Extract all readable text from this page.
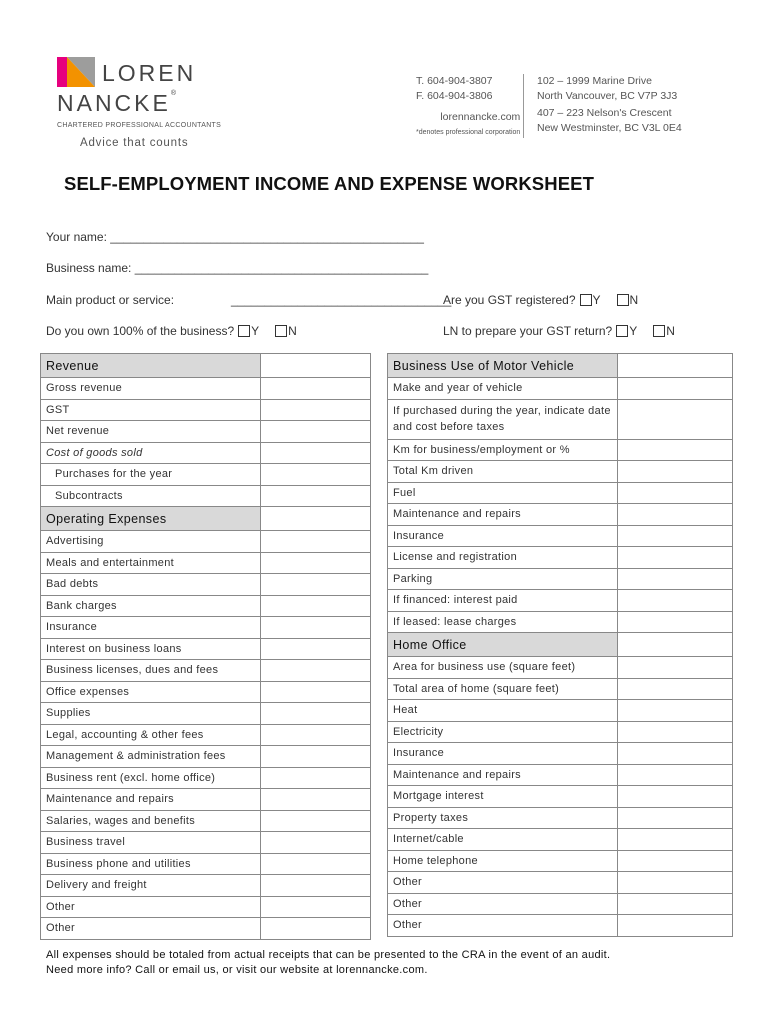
LOREN
NANCKE®
CHARTERED PROFESSIONAL ACCOUNTANTS
Advice that counts
T. 604-904-3807
F. 604-904-3806
lorennancke.com
*denotes professional corporation
102 – 1999 Marine Drive
North Vancouver, BC V7P 3J3
407 – 223 Nelson's Crescent
New Westminster, BC V3L 0E4
SELF-EMPLOYMENT INCOME AND EXPENSE WORKSHEET
Your name: _______________________________________________
Business name: ____________________________________________
Main product or service:	_________________________________
Are you GST registered? Y N
Do you own 100% of the business? Y N	LN to prepare your GST return? Y N
Revenue	
Gross revenue	
GST	
Net revenue	
Cost of goods sold	
Purchases for the year	
Subcontracts	
Operating Expenses	
Advertising	
Meals and entertainment	
Bad debts	
Bank charges	
Insurance	
Interest on business loans	
Business licenses, dues and fees	
Office expenses	
Supplies	
Legal, accounting & other fees	
Management & administration fees	
Business rent (excl. home office)	
Maintenance and repairs	
Salaries, wages and benefits	
Business travel	
Business phone and utilities	
Delivery and freight	
Other	
Other	
Business Use of Motor Vehicle	
Make and year of vehicle	
If purchased during the year, indicate date and cost before taxes	
Km for business/employment or %	
Total Km driven	
Fuel	
Maintenance and repairs	
Insurance	
License and registration	
Parking	
If financed: interest paid	
If leased: lease charges	
Home Office	
Area for business use (square feet)	
Total area of home (square feet)	
Heat	
Electricity	
Insurance	
Maintenance and repairs	
Mortgage interest	
Property taxes	
Internet/cable	
Home telephone	
Other	
Other	
Other	
All expenses should be totaled from actual receipts that can be presented to the CRA in the event of an audit.
Need more info? Call or email us, or visit our website at lorennancke.com.
